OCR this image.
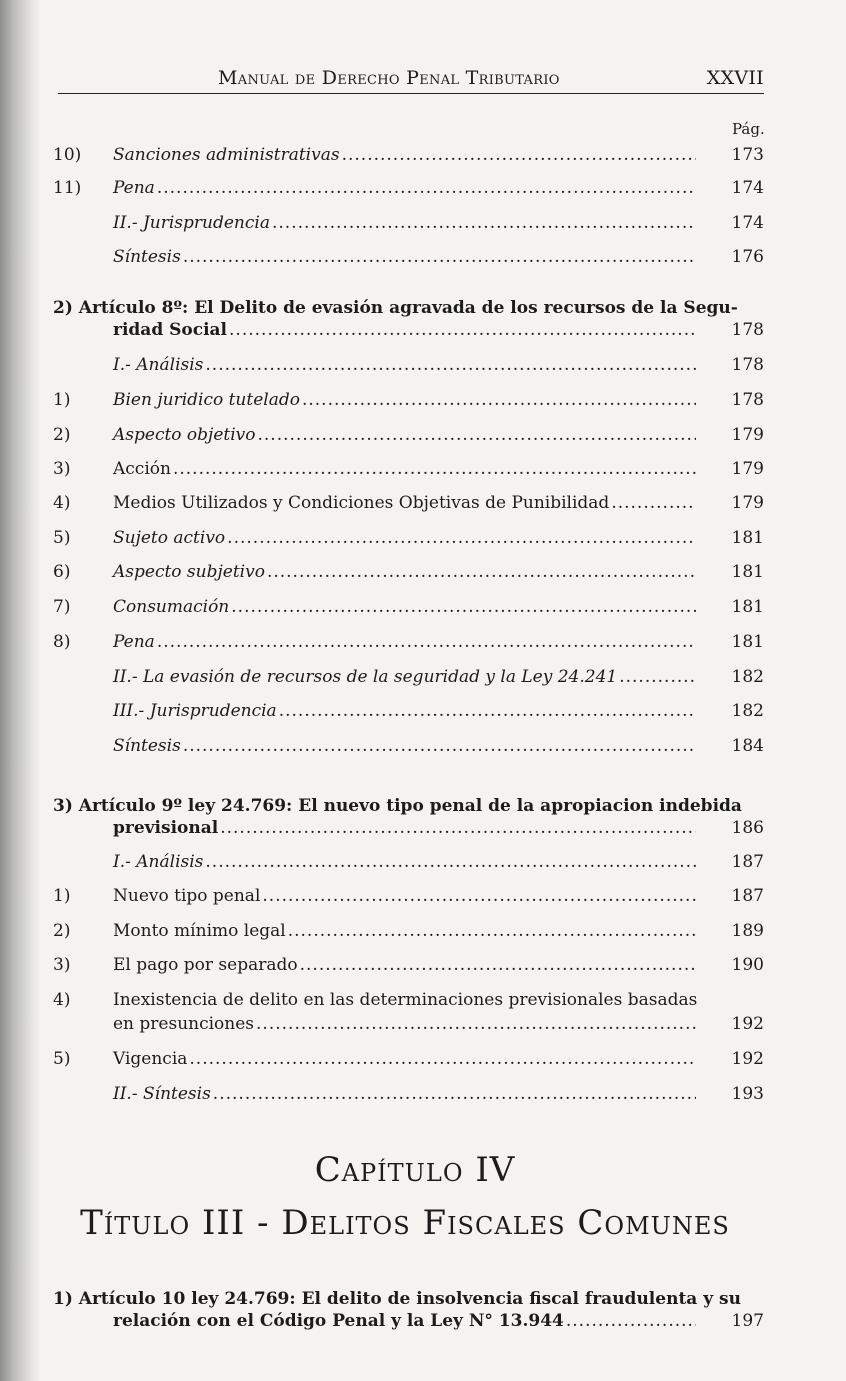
Manual de Derecho Penal Tributario	XXVII
Pág.
10)	Sanciones administrativas .....	173
11)	Pena .....	174
II.- Jurisprudencia .....	174
Síntesis .....	176
2) Artículo 8º: El Delito de evasión agravada de los recursos de la Segu-
ridad Social .....	178
I.- Análisis .....	178
1)	Bien juridico tutelado .....	178
2)	Aspecto objetivo .....	179
3)	Acción .....	179
4)	Medios Utilizados y Condiciones Objetivas de Punibilidad .....	179
5)	Sujeto activo .....	181
6)	Aspecto subjetivo .....	181
7)	Consumación .....	181
8)	Pena .....	181
II.- La evasión de recursos de la seguridad y la Ley 24.241 .....	182
III.- Jurisprudencia .....	182
Síntesis .....	184
3) Artículo 9º ley 24.769: El nuevo tipo penal de la apropiacion indebida
previsional .....	186
I.- Análisis .....	187
1)	Nuevo tipo penal .....	187
2)	Monto mínimo legal .....	189
3)	El pago por separado .....	190
4)	Inexistencia de delito en las determinaciones previsionales basadas
en presunciones .....	192
5)	Vigencia .....	192
II.- Síntesis .....	193
Capítulo IV
Título III - Delitos Fiscales Comunes
1) Artículo 10 ley 24.769: El delito de insolvencia fiscal fraudulenta y su
relación con el Código Penal y la Ley N° 13.944 .....	197
